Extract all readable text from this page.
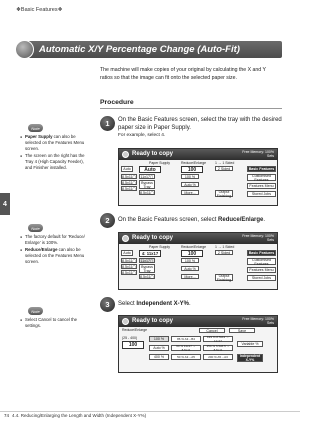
❖Basic Features❖
4
Automatic X/Y Percentage Change (Auto-Fit)
The machine will make copies of your original by calculating the X and Y ratios so that the image can fit onto the selected paper size.
Procedure
1	On the Basic Features screen, select the tray with the desired paper size in Paper Supply.
For example, select 4.
Note
● Paper Supply can also be selected on the Features Menu screen.
● The screen on the right has the Tray 4 (High Capacity Feeder), and Finisher installed.
Ready to copy	Free Memory: 100%
Sets
Paper Supply	Reduce/Enlarge	1 → 1 Sided
Auto	Auto	100
8.5x11▢
8.5x11▢
8.5x11▢
11x17▢
Bypass Tray
8.5x11▢
100 %
Auto %
More...
2 Sided
Output Finishing
Basic Features
Customised Features
Features Menu
Stored Jobs
2	On the Basic Features screen, select Reduce/Enlarge.
Note
● The factory default for 'Reduce/ Enlarge' is 100%.
● Reduce/Enlarge can also be selected on the Features Menu screen.
Ready to copy	Free Memory: 100%
Sets
Paper Supply	Reduce/Enlarge	1 → 1 Sided
Auto	4: 11x17	100
8.5x11▢
8.5x11▢
8.5x11▢
11x17▢
Bypass Tray
8.5x11▢
100 %
Auto %
More...
2 Sided
Output Finishing
Basic Features
Customised Features
Features Menu
Stored Jobs
3	Select Independent X-Y%.
Note
● Select Cancel to cancel the settings.
Ready to copy	Free Memory: 100%
Sets
Reduce/Enlarge	Cancel	Save
(25 - 400)
100
100 %
Auto %
400 %
86 % A3→B4
64 % 11x17 → 8.5x11
50 % A3→A5
129 % 8.5x11 → 11x17
154 % 5.5x8.5 → 8.5x11
200 % A5→A3
Variable %
Independent X-Y%
74 4.4. Reducing/Enlarging the Length and Width (Independent X-Y%)
